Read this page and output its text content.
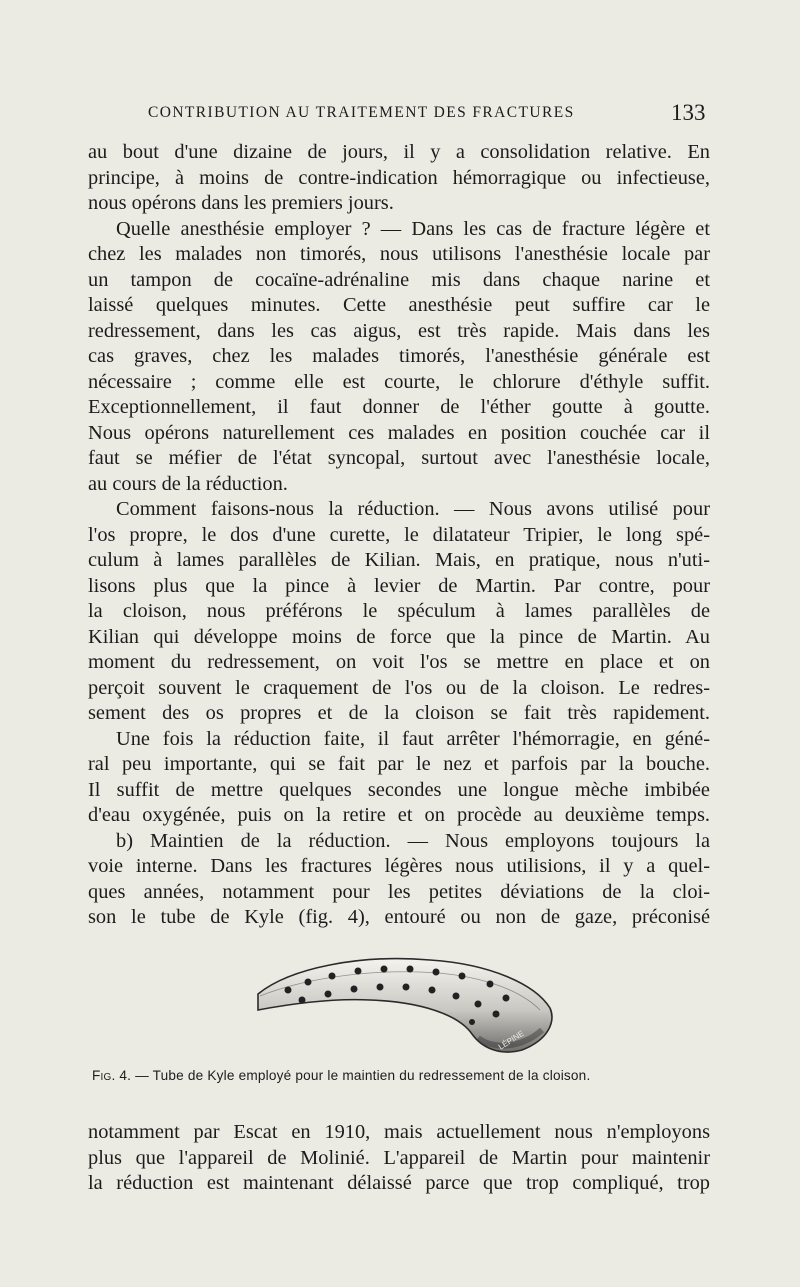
CONTRIBUTION AU TRAITEMENT DES FRACTURES	133
au bout d'une dizaine de jours, il y a consolidation relative. En
principe, à moins de contre-indication hémorragique ou infectieuse,
nous opérons dans les premiers jours.
Quelle anesthésie employer ? — Dans les cas de fracture légère et
chez les malades non timorés, nous utilisons l'anesthésie locale par
un tampon de cocaïne-adrénaline mis dans chaque narine et
laissé quelques minutes. Cette anesthésie peut suffire car le
redressement, dans les cas aigus, est très rapide. Mais dans les
cas graves, chez les malades timorés, l'anesthésie générale est
nécessaire ; comme elle est courte, le chlorure d'éthyle suffit.
Exceptionnellement, il faut donner de l'éther goutte à goutte.
Nous opérons naturellement ces malades en position couchée car il
faut se méfier de l'état syncopal, surtout avec l'anesthésie locale,
au cours de la réduction.
Comment faisons-nous la réduction. — Nous avons utilisé pour
l'os propre, le dos d'une curette, le dilatateur Tripier, le long spé-
culum à lames parallèles de Kilian. Mais, en pratique, nous n'uti-
lisons plus que la pince à levier de Martin. Par contre, pour
la cloison, nous préférons le spéculum à lames parallèles de
Kilian qui développe moins de force que la pince de Martin. Au
moment du redressement, on voit l'os se mettre en place et on
perçoit souvent le craquement de l'os ou de la cloison. Le redres-
sement des os propres et de la cloison se fait très rapidement.
Une fois la réduction faite, il faut arrêter l'hémorragie, en géné-
ral peu importante, qui se fait par le nez et parfois par la bouche.
Il suffit de mettre quelques secondes une longue mèche imbibée
d'eau oxygénée, puis on la retire et on procède au deuxième temps.
b) Maintien de la réduction. — Nous employons toujours la
voie interne. Dans les fractures légères nous utilisions, il y a quel-
ques années, notamment pour les petites déviations de la cloi-
son le tube de Kyle (fig. 4), entouré ou non de gaze, préconisé
LÉPINE
Fig. 4. — Tube de Kyle employé pour le maintien du redressement de la cloison.
notamment par Escat en 1910, mais actuellement nous n'employons
plus que l'appareil de Molinié. L'appareil de Martin pour maintenir
la réduction est maintenant délaissé parce que trop compliqué, trop
